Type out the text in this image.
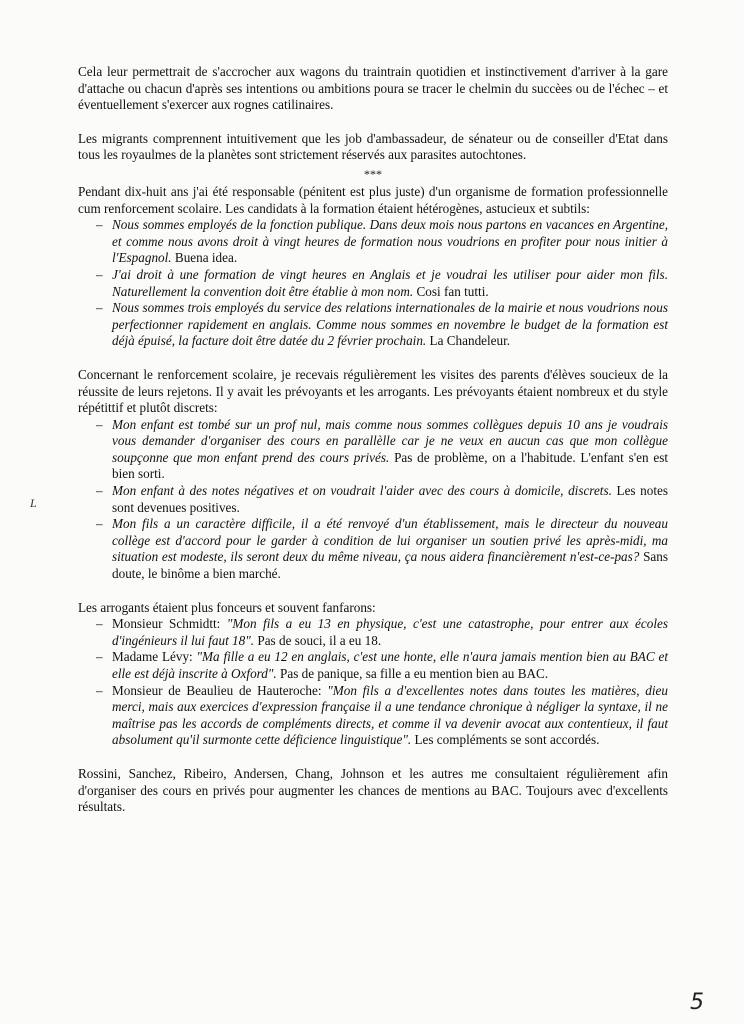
Cela leur permettrait de s'accrocher aux wagons du traintrain quotidien et instinctivement d'arriver à la gare d'attache ou chacun d'après ses intentions ou ambitions poura se tracer le chelmin du succèes ou de l'échec – et éventuellement s'exercer aux rognes catilinaires.

Les migrants comprennent intuitivement que les job d'ambassadeur, de sénateur ou de conseiller d'Etat dans tous les royaulmes de la planètes sont strictement réservés aux parasites autochtones.

***

Pendant dix-huit ans j'ai été responsable (pénitent est plus juste) d'un organisme de formation professionnelle cum renforcement scolaire. Les candidats à la formation étaient hétérogènes, astucieux et subtils:

– Nous sommes employés de la fonction publique. Dans deux mois nous partons en vacances en Argentine, et comme nous avons droit à vingt heures de formation nous voudrions en profiter pour nous initier à l'Espagnol. Buena idea.
– J'ai droit à une formation de vingt heures en Anglais et je voudrai les utiliser pour aider mon fils. Naturellement la convention doit être établie à mon nom. Cosi fan tutti.
– Nous sommes trois employés du service des relations internationales de la mairie et nous voudrions nous perfectionner rapidement en anglais. Comme nous sommes en novembre le budget de la formation est déjà épuisé, la facture doit être datée du 2 février prochain. La Chandeleur.

Concernant le renforcement scolaire, je recevais régulièrement les visites des parents d'élèves soucieux de la réussite de leurs rejetons. Il y avait les prévoyants et les arrogants. Les prévoyants étaient nombreux et du style répétittif et plutôt discrets:

– Mon enfant est tombé sur un prof nul, mais comme nous sommes collègues depuis 10 ans je voudrais vous demander d'organiser des cours en parallèlle car je ne veux en aucun cas que mon collègue soupçonne que mon enfant prend des cours privés. Pas de problème, on a l'habitude. L'enfant s'en est bien sorti.
– Mon enfant à des notes négatives et on voudrait l'aider avec des cours à domicile, discrets. Les notes sont devenues positives.
– Mon fils a un caractère difficile, il a été renvoyé d'un établissement, mais le directeur du nouveau collège est d'accord pour le garder à condition de lui organiser un soutien privé les après-midi, ma situation est modeste, ils seront deux du même niveau, ça nous aidera financièrement n'est-ce-pas? Sans doute, le binôme a bien marché.

Les arrogants étaient plus fonceurs et souvent fanfarons:

– Monsieur Schmidtt: "Mon fils a eu 13 en physique, c'est une catastrophe, pour entrer aux écoles d'ingénieurs il lui faut 18". Pas de souci, il a eu 18.
– Madame Lévy: "Ma fille a eu 12 en anglais, c'est une honte, elle n'aura jamais mention bien au BAC et elle est déjà inscrite à Oxford". Pas de panique, sa fille a eu mention bien au BAC.
– Monsieur de Beaulieu de Hauteroche: "Mon fils a d'excellentes notes dans toutes les matières, dieu merci, mais aux exercices d'expression française il a une tendance chronique à négliger la syntaxe, il ne maîtrise pas les accords de compléments directs, et comme il va devenir avocat aux contentieux, il faut absolument qu'il surmonte cette déficience linguistique". Les compléments se sont accordés.

Rossini, Sanchez, Ribeiro, Andersen, Chang, Johnson et les autres me consultaient régulièrement afin d'organiser des cours en privés pour augmenter les chances de mentions au BAC. Toujours avec d'excellents résultats.

L
5
